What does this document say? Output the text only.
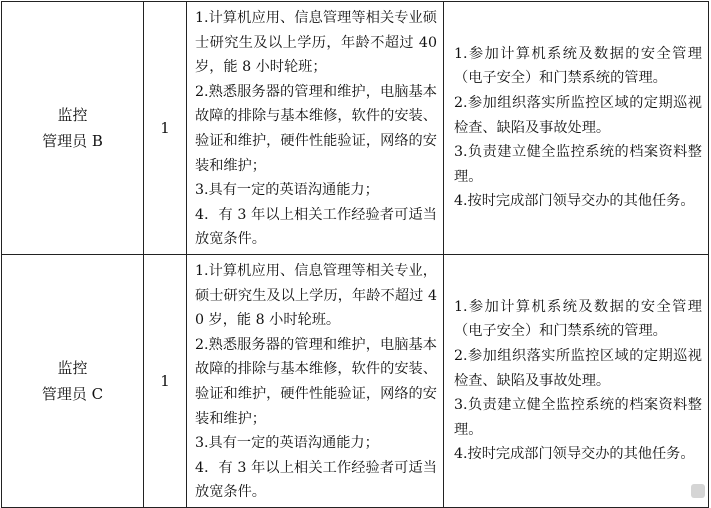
监控
管理员 B	1	1.计算机应用、信息管理等相关专业硕士研究生及以上学历，年龄不超过 40 岁，能 8 小时轮班；
2.熟悉服务器的管理和维护，电脑基本故障的排除与基本维修，软件的安装、验证和维护，硬件性能验证，网络的安装和维护；
3.具有一定的英语沟通能力；
4．有 3 年以上相关工作经验者可适当放宽条件。	1.参加计算机系统及数据的安全管理（电子安全）和门禁系统的管理。
2.参加组织落实所监控区域的定期巡视检查、缺陷及事故处理。
3.负责建立健全监控系统的档案资料整理。
4.按时完成部门领导交办的其他任务。

监控
管理员 C	1	1.计算机应用、信息管理等相关专业，硕士研究生及以上学历，年龄不超过 40 岁，能 8 小时轮班。
2.熟悉服务器的管理和维护，电脑基本故障的排除与基本维修，软件的安装、验证和维护，硬件性能验证，网络的安装和维护；
3.具有一定的英语沟通能力；
4．有 3 年以上相关工作经验者可适当放宽条件。	1.参加计算机系统及数据的安全管理（电子安全）和门禁系统的管理。
2.参加组织落实所监控区域的定期巡视检查、缺陷及事故处理。
3.负责建立健全监控系统的档案资料整理。
4.按时完成部门领导交办的其他任务。
